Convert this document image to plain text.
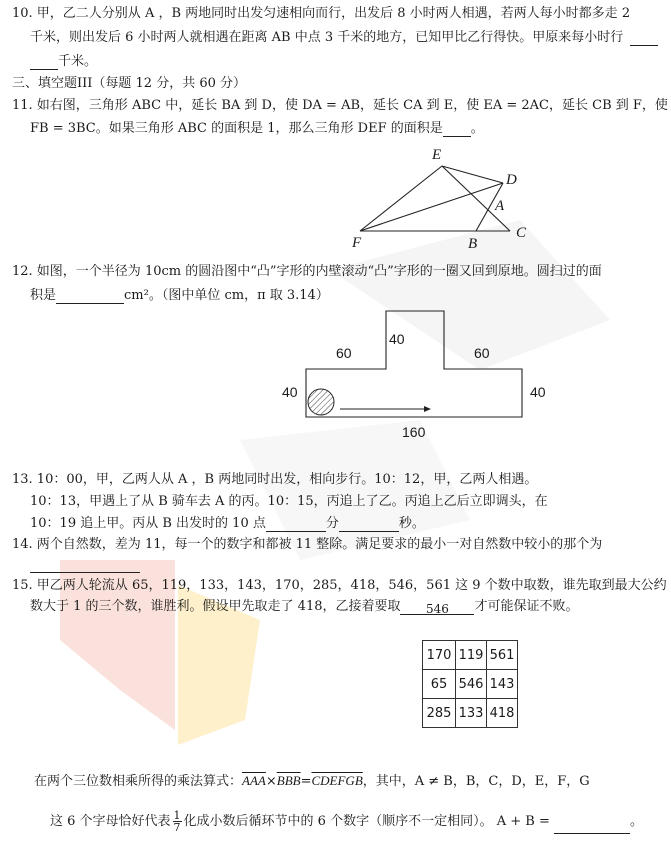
10. 甲，乙二人分别从 A ，B 两地同时出发匀速相向而行，出发后 8 小时两人相遇，若两人每小时都多走 2
千米，则出发后 6 小时两人就相遇在距离 AB 中点 3 千米的地方，已知甲比乙行得快。甲原来每小时行
千米。
三、填空题III（每题 12 分，共 60 分）
11. 如右图，三角形 ABC 中，延长 BA 到 D，使 DA = AB，延长 CA 到 E，使 EA = 2AC，延长 CB 到 F，使
FB = 3BC。如果三角形 ABC 的面积是 1，那么三角形 DEF 的面积是 。
E
D
A
F	B
C
12. 如图，一个半径为 10cm 的圆沿图中“凸”字形的内壁滚动“凸”字形的一圈又回到原地。圆扫过的面
积是	cm²。（图中单位 cm，π 取 3.14）
40
60	60
40	40
160
13. 10：00，甲，乙两人从 A ，B 两地同时出发，相向步行。10：12，甲，乙两人相遇。
10：13，甲遇上了从 B 骑车去 A 的丙。10：15，丙追上了乙。丙追上乙后立即调头，在
10：19 追上甲。丙从 B 出发时的 10 点	分	秒。
14. 两个自然数，差为 11，每一个的数字和都被 11 整除。满足要求的最小一对自然数中较小的那个为
15. 甲乙两人轮流从 65，119，133，143，170，285，418，546，561 这 9 个数中取数，谁先取到最大公约
数大于 1 的三个数，谁胜利。假设甲先取走了 418，乙接着要取 546 才可能保证不败。
170	119	561
65	546	143
285	133	418
在两个三位数相乘所得的乘法算式：$\overline{AAA}\times\overline{BBB}=CDEFGB$，其中，A ≠ B，B，C，D，E，F，G
这 6 个字母恰好代表 $\frac{1}{7}$ 化成小数后循环节中的 6 个数字（顺序不一定相同）。 A + B =	。
